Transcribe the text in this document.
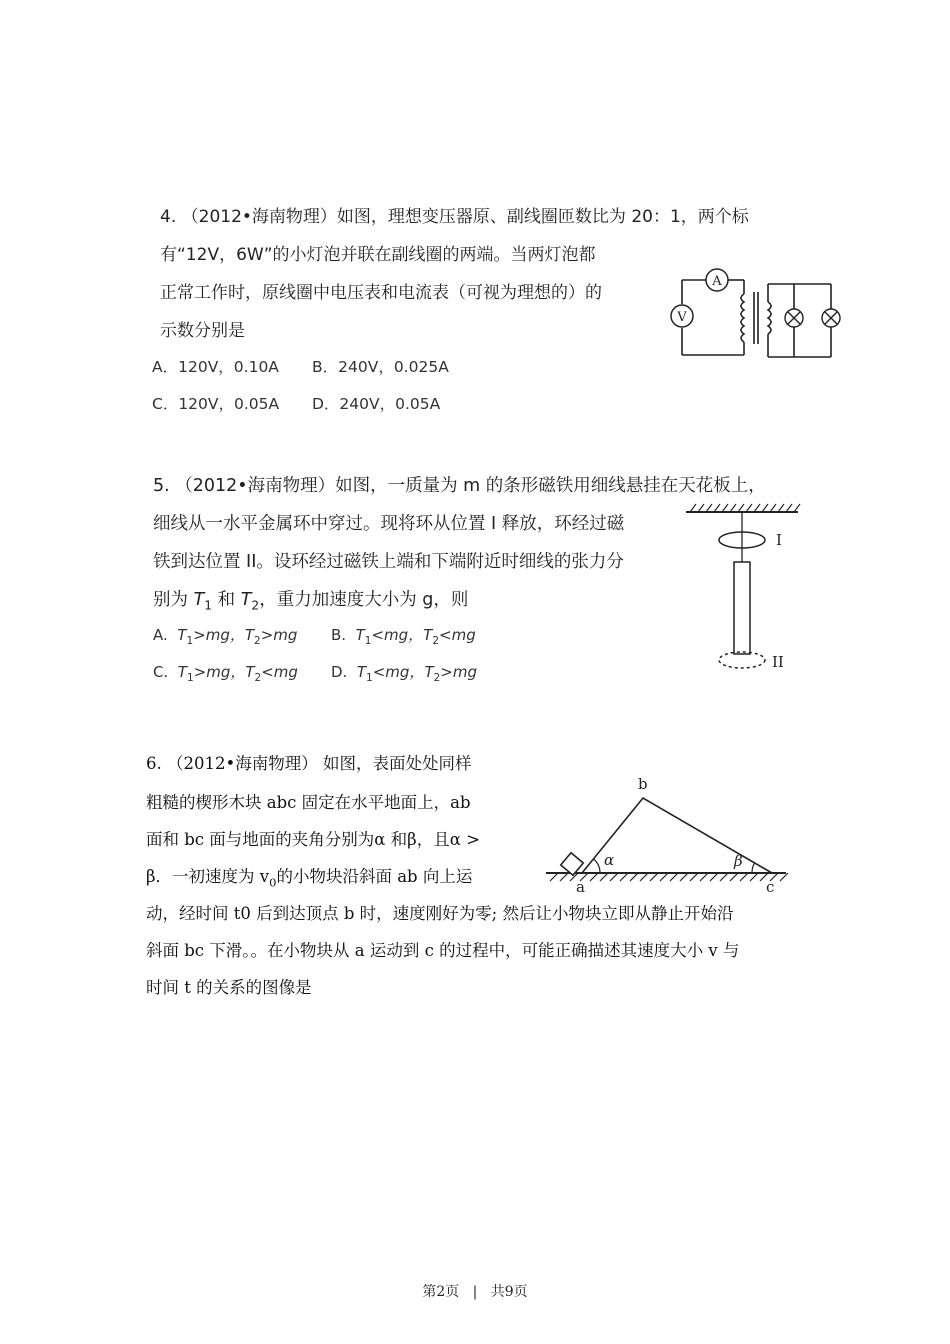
4. （2012•海南物理）如图，理想变压器原、副线圈匝数比为 20：1，两个标
有“12V，6W”的小灯泡并联在副线圈的两端。当两灯泡都
正常工作时，原线圈中电压表和电流表（可视为理想的）的
示数分别是
A．120V，0.10A B．240V，0.025A
C．120V，0.05A D．240V，0.05A
A
V
5. （2012•海南物理）如图，一质量为 m 的条形磁铁用细线悬挂在天花板上，
细线从一水平金属环中穿过。现将环从位置 I 释放，环经过磁
铁到达位置 II。设环经过磁铁上端和下端附近时细线的张力分
别为 $T_1$ 和 $T_2$，重力加速度大小为 g，则
A. $T_1>mg$，$T_2>mg$ B. $T_1<mg$，$T_2<mg$
C. $T_1>mg$，$T_2<mg$ D. $T_1<mg$，$T_2>mg$
I
II
6. （2012•海南物理） 如图，表面处处同样
粗糙的楔形木块 abc 固定在水平地面上，ab
面和 bc 面与地面的夹角分别为α 和β，且α >
β．一初速度为 $v_0$的小物块沿斜面 ab 向上运
动，经时间 t0 后到达顶点 b 时，速度刚好为零; 然后让小物块立即从静止开始沿
斜面 bc 下滑。。在小物块从 a 运动到 c 的过程中，可能正确描述其速度大小 v 与
时间 t 的关系的图像是
α	β
b
a	c
第2页 | 共9页
